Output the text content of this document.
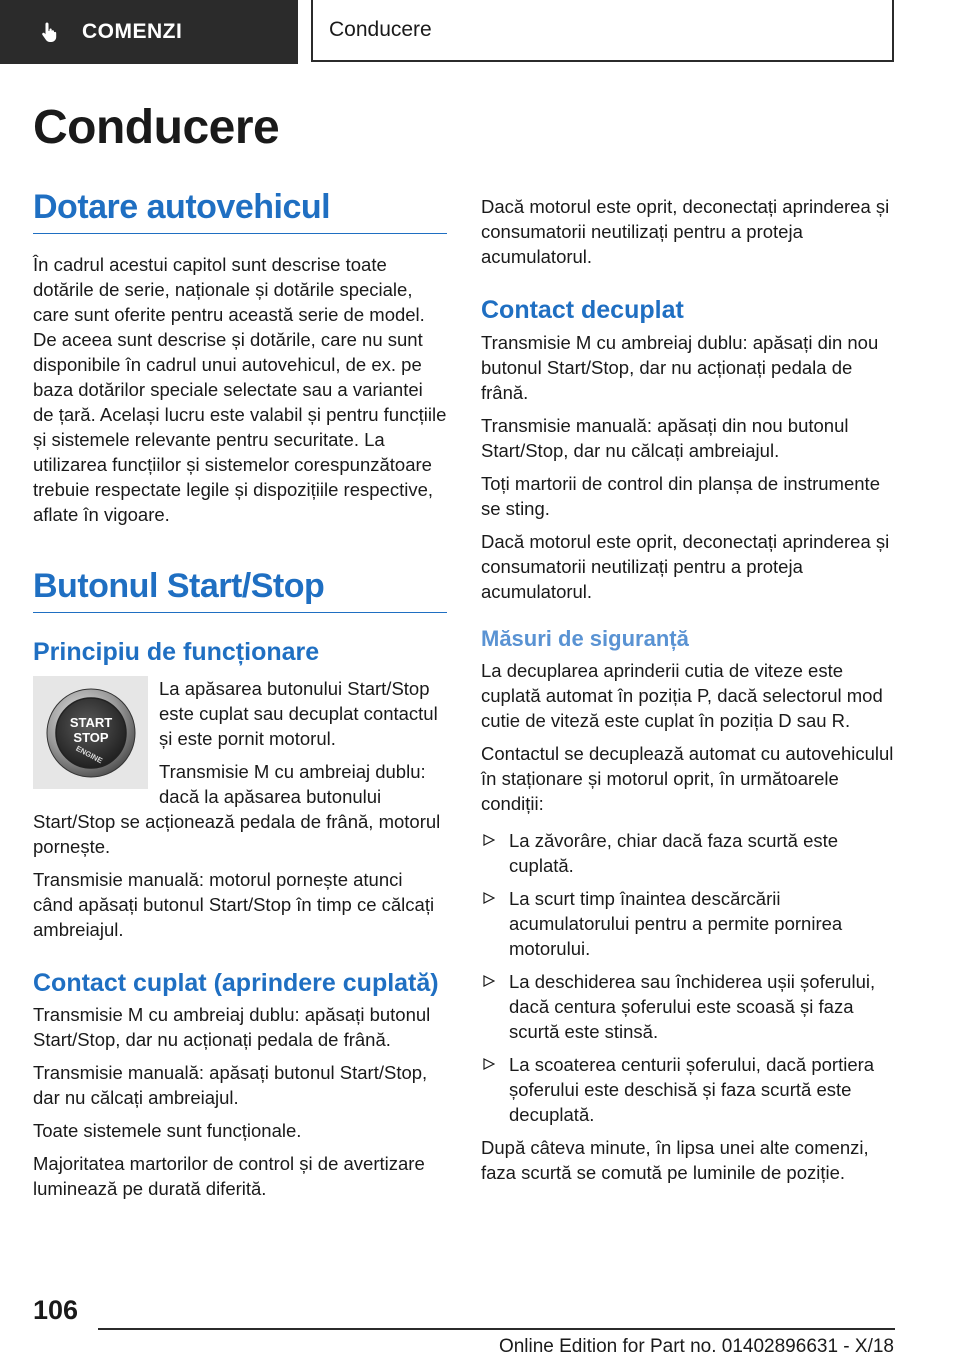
COMENZI	Conducere
Conducere
Dotare autovehicul

În cadrul acestui capitol sunt descrise toate dotările de serie, naționale și dotările speciale, care sunt oferite pentru această serie de model. De aceea sunt descrise și dotările, care nu sunt disponibile în cadrul unui autovehicul, de ex. pe baza dotărilor speciale selectate sau a variantei de țară. Același lucru este valabil și pentru funcțiile și sistemele relevante pentru securitate. La utilizarea funcțiilor și sistemelor corespunzătoare trebuie respectate legile și dispozițiile respective, aflate în vigoare.

Butonul Start/Stop
Principiu de funcționare
START
STOP
ENGINE

La apăsarea butonului Start/Stop este cuplat sau decuplat contactul și este pornit motorul.

Transmisie M cu ambreiaj dublu: dacă la apăsarea butonului Start/Stop se acționează pedala de frână, motorul pornește.

Transmisie manuală: motorul pornește atunci când apăsați butonul Start/Stop în timp ce călcați ambreiajul.

Contact cuplat (aprindere cuplată)

Transmisie M cu ambreiaj dublu: apăsați butonul Start/Stop, dar nu acționați pedala de frână.

Transmisie manuală: apăsați butonul Start/Stop, dar nu călcați ambreiajul.

Toate sistemele sunt funcționale.

Majoritatea martorilor de control și de avertizare luminează pe durată diferită.

Dacă motorul este oprit, deconectați aprinderea și consumatorii neutilizați pentru a proteja acumulatorul.

Contact decuplat

Transmisie M cu ambreiaj dublu: apăsați din nou butonul Start/Stop, dar nu acționați pedala de frână.

Transmisie manuală: apăsați din nou butonul Start/Stop, dar nu călcați ambreiajul.

Toți martorii de control din planșa de instrumente se sting.

Dacă motorul este oprit, deconectați aprinderea și consumatorii neutilizați pentru a proteja acumulatorul.

Măsuri de siguranță

La decuplarea aprinderii cutia de viteze este cuplată automat în poziția P, dacă selectorul mod cutie de viteză este cuplat în poziția D sau R.

Contactul se decuplează automat cu autovehiculul în staționare și motorul oprit, în următoarele condiții:

La zăvorâre, chiar dacă faza scurtă este cuplată.
La scurt timp înaintea descărcării acumulatorului pentru a permite pornirea motorului.
La deschiderea sau închiderea ușii șoferului, dacă centura șoferului este scoasă și faza scurtă este stinsă.
La scoaterea centurii șoferului, dacă portiera șoferului este deschisă și faza scurtă este decuplată.

După câteva minute, în lipsa unei alte comenzi, faza scurtă se comută pe luminile de poziție.

106

Online Edition for Part no. 01402896631 - X/18
